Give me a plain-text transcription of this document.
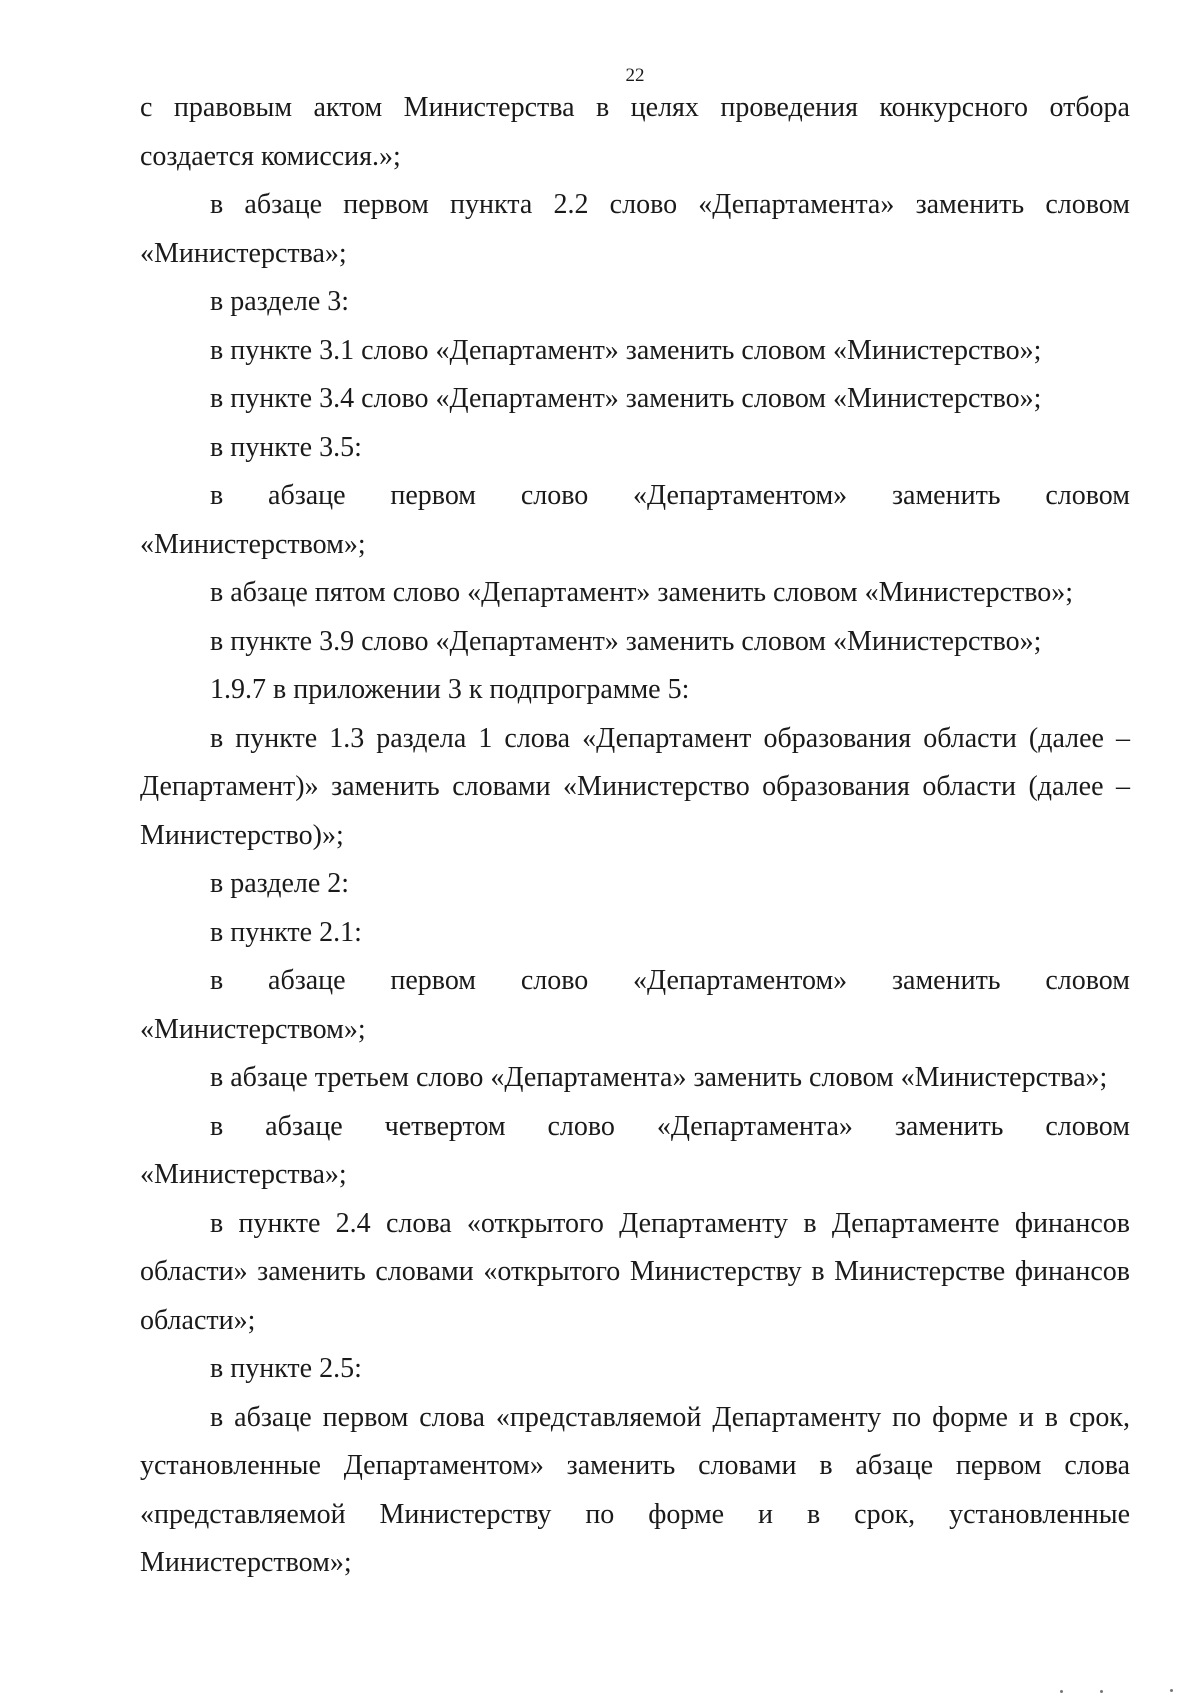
22

с правовым актом Министерства в целях проведения конкурсного отбора создается комиссия.»;

в абзаце первом пункта 2.2 слово «Департамента» заменить словом «Министерства»;

в разделе 3:

в пункте 3.1 слово «Департамент» заменить словом «Министерство»;

в пункте 3.4 слово «Департамент» заменить словом «Министерство»;

в пункте 3.5:

в абзаце первом слово «Департаментом» заменить словом «Министерством»;

в абзаце пятом слово «Департамент» заменить словом «Министерство»;

в пункте 3.9 слово «Департамент» заменить словом «Министерство»;

1.9.7 в приложении 3 к подпрограмме 5:

в пункте 1.3 раздела 1 слова «Департамент образования области (далее – Департамент)» заменить словами «Министерство образования области (далее – Министерство)»;

в разделе 2:

в пункте 2.1:

в абзаце первом слово «Департаментом» заменить словом «Министерством»;

в абзаце третьем слово «Департамента» заменить словом «Министерства»;

в абзаце четвертом слово «Департамента» заменить словом «Министерства»;

в пункте 2.4 слова «открытого Департаменту в Департаменте финансов области» заменить словами «открытого Министерству в Министерстве финансов области»;

в пункте 2.5:

в абзаце первом слова «представляемой Департаменту по форме и в срок, установленные Департаментом» заменить словами в абзаце первом слова «представляемой Министерству по форме и в срок, установленные Министерством»;
